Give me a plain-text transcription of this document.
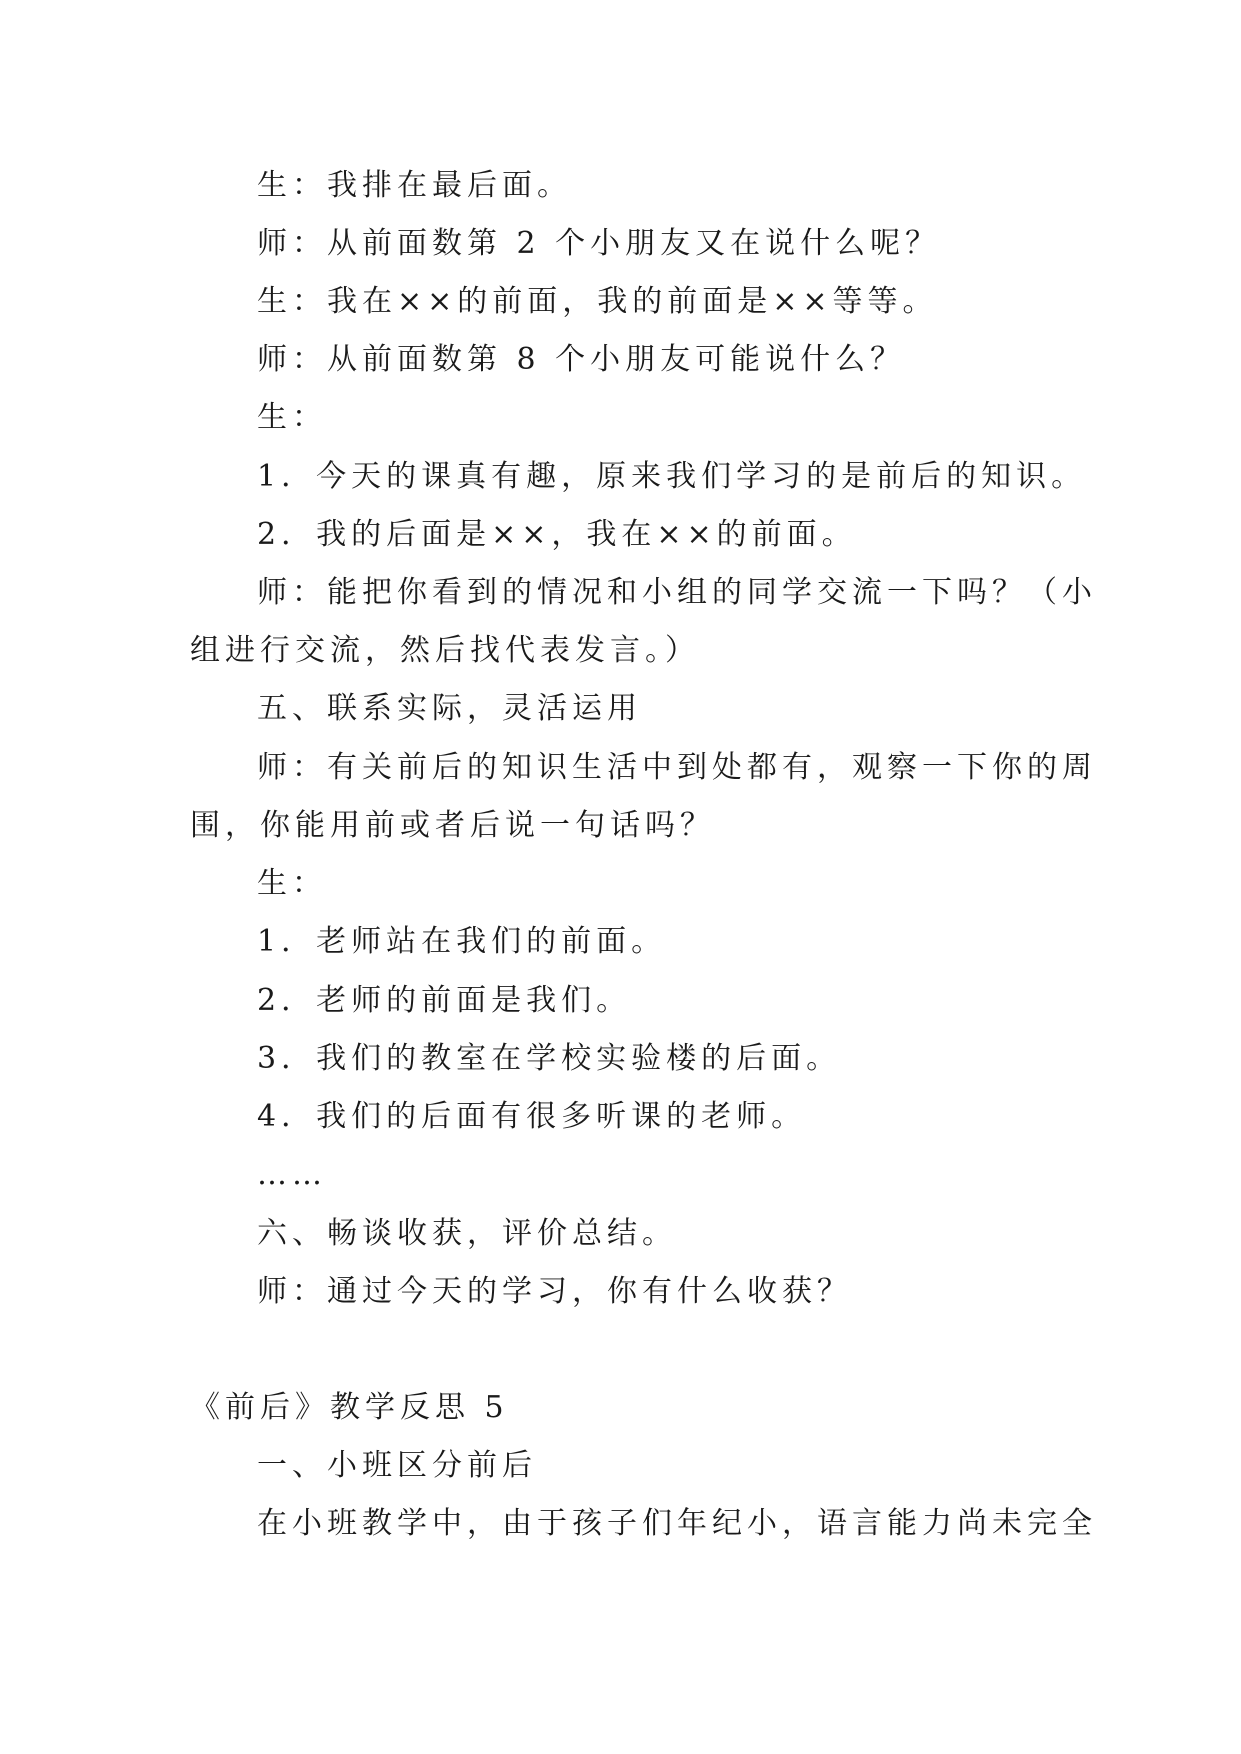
生：我排在最后面。
师：从前面数第 2 个小朋友又在说什么呢？
生：我在××的前面，我的前面是××等等。
师：从前面数第 8 个小朋友可能说什么？
生：
1．今天的课真有趣，原来我们学习的是前后的知识。
2．我的后面是××，我在××的前面。
师：能把你看到的情况和小组的同学交流一下吗？（小
组进行交流，然后找代表发言。）
五、联系实际，灵活运用
师：有关前后的知识生活中到处都有，观察一下你的周
围，你能用前或者后说一句话吗？
生：
1．老师站在我们的前面。
2．老师的前面是我们。
3．我们的教室在学校实验楼的后面。
4．我们的后面有很多听课的老师。
……
六、畅谈收获，评价总结。
师：通过今天的学习，你有什么收获？
《前后》教学反思 5
一、小班区分前后
在小班教学中，由于孩子们年纪小，语言能力尚未完全
